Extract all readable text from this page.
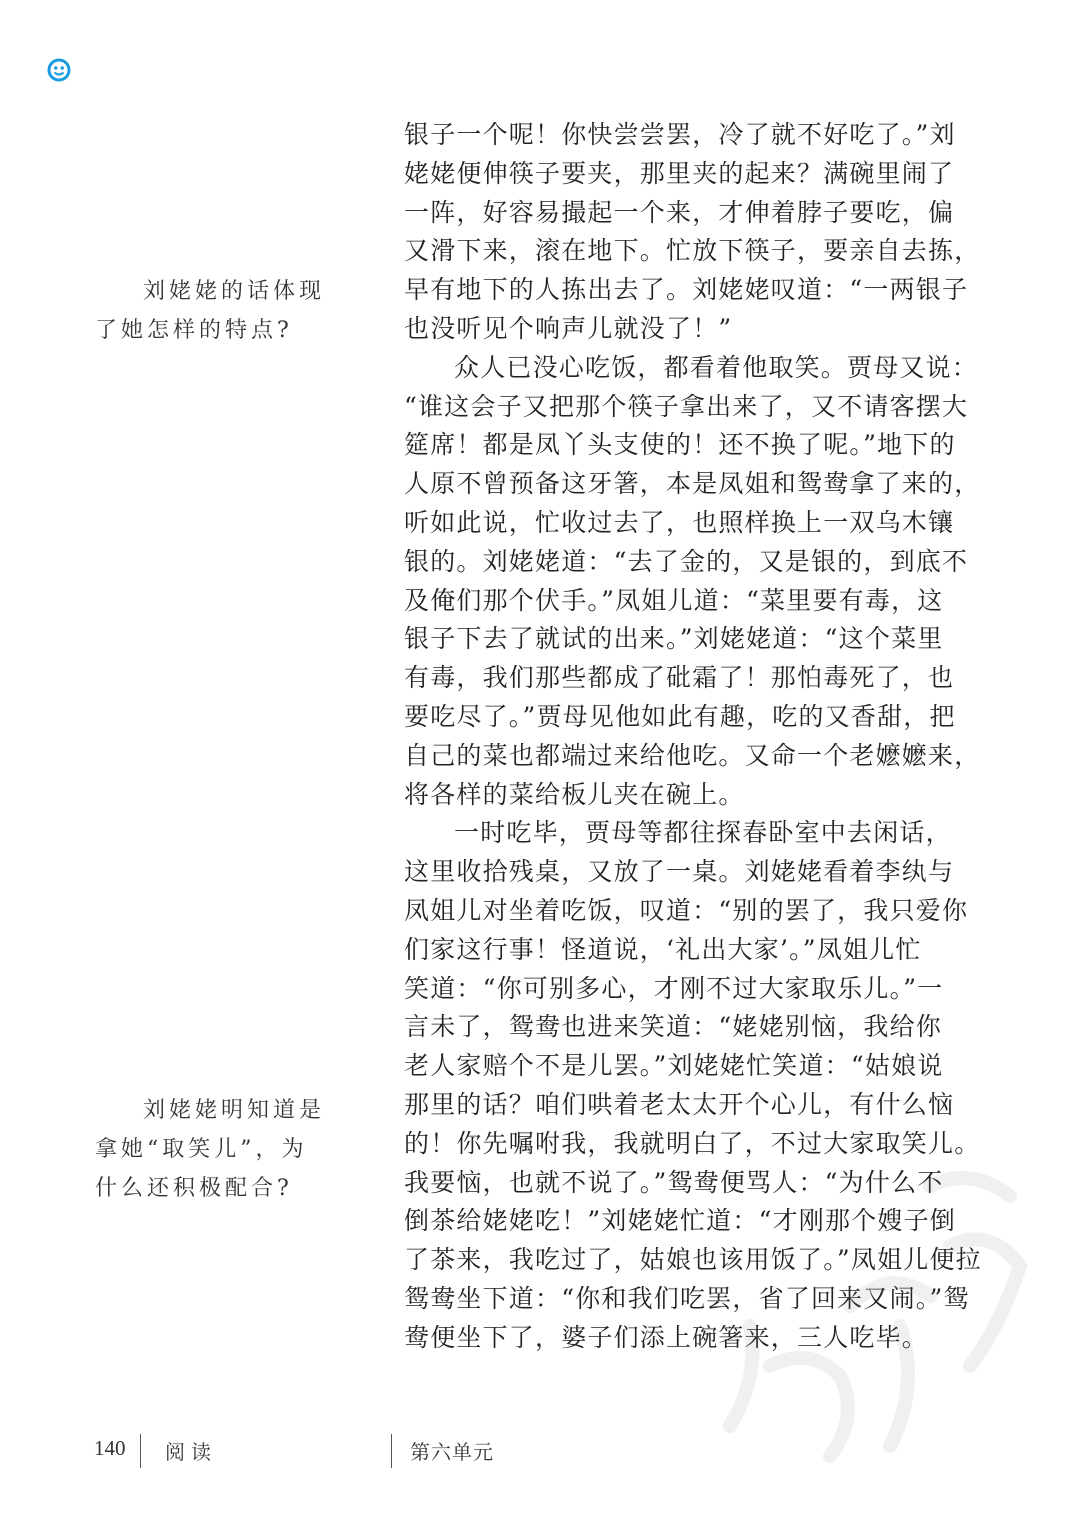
刘姥姥的话体现
了她怎样的特点?
刘姥姥明知道是
拿她“取笑儿”，为
什么还积极配合?
银子一个呢！你快尝尝罢，冷了就不好吃了。”刘
姥姥便伸筷子要夹，那里夹的起来？满碗里闹了
一阵，好容易撮起一个来，才伸着脖子要吃，偏
又滑下来，滚在地下。忙放下筷子，要亲自去拣，
早有地下的人拣出去了。刘姥姥叹道：“一两银子
也没听见个响声儿就没了！”
众人已没心吃饭，都看着他取笑。贾母又说：
“谁这会子又把那个筷子拿出来了，又不请客摆大
筵席！都是凤丫头支使的！还不换了呢。”地下的
人原不曾预备这牙箸，本是凤姐和鸳鸯拿了来的，
听如此说，忙收过去了，也照样换上一双乌木镶
银的。刘姥姥道：“去了金的，又是银的，到底不
及俺们那个伏手。”凤姐儿道：“菜里要有毒，这
银子下去了就试的出来。”刘姥姥道：“这个菜里
有毒，我们那些都成了砒霜了！那怕毒死了，也
要吃尽了。”贾母见他如此有趣，吃的又香甜，把
自己的菜也都端过来给他吃。又命一个老嬷嬷来，
将各样的菜给板儿夹在碗上。
一时吃毕，贾母等都往探春卧室中去闲话，
这里收拾残桌，又放了一桌。刘姥姥看着李纨与
凤姐儿对坐着吃饭，叹道：“别的罢了，我只爱你
们家这行事！怪道说，‘礼出大家’。”凤姐儿忙
笑道：“你可别多心，才刚不过大家取乐儿。”一
言未了，鸳鸯也进来笑道：“姥姥别恼，我给你
老人家赔个不是儿罢。”刘姥姥忙笑道：“姑娘说
那里的话？咱们哄着老太太开个心儿，有什么恼
的！你先嘱咐我，我就明白了，不过大家取笑儿。
我要恼，也就不说了。”鸳鸯便骂人：“为什么不
倒茶给姥姥吃！”刘姥姥忙道：“才刚那个嫂子倒
了茶来，我吃过了，姑娘也该用饭了。”凤姐儿便拉
鸳鸯坐下道：“你和我们吃罢，省了回来又闹。”鸳
鸯便坐下了，婆子们添上碗箸来，三人吃毕。
140 阅读	第六单元
